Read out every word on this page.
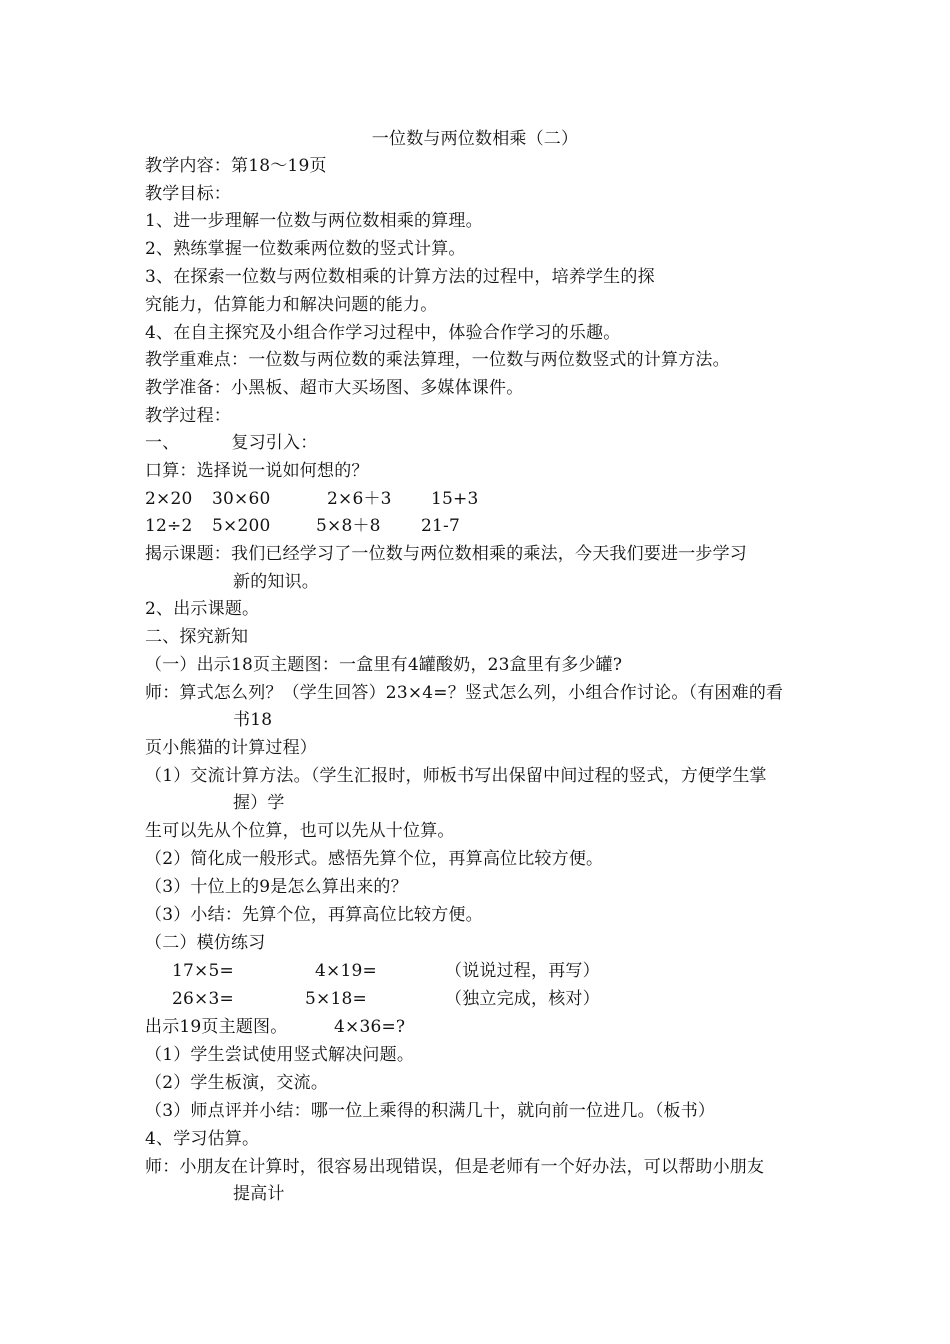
一位数与两位数相乘（二）
教学内容：第18～19页
教学目标：
1、进一步理解一位数与两位数相乘的算理。
2、熟练掌握一位数乘两位数的竖式计算。
3、在探索一位数与两位数相乘的计算方法的过程中，培养学生的探
究能力，估算能力和解决问题的能力。
4、在自主探究及小组合作学习过程中，体验合作学习的乐趣。
教学重难点：一位数与两位数的乘法算理，一位数与两位数竖式的计算方法。
教学准备：小黑板、超市大买场图、多媒体课件。
教学过程：
一、	复习引入：
口算：选择说一说如何想的？
2×20 30×60	2×6＋3 15+3
12÷2 5×200	5×8＋8 21-7
揭示课题：我们已经学习了一位数与两位数相乘的乘法，今天我们要进一步学习
新的知识。
2、出示课题。
二、探究新知
（一）出示18页主题图：一盒里有4罐酸奶，23盒里有多少罐?
师：算式怎么列？（学生回答）23×4=？竖式怎么列，小组合作讨论。（有困难的看
书18
页小熊猫的计算过程）
（1）交流计算方法。（学生汇报时，师板书写出保留中间过程的竖式，方便学生掌
握）学
生可以先从个位算，也可以先从十位算。
（2）简化成一般形式。感悟先算个位，再算高位比较方便。
（3）十位上的9是怎么算出来的？
（3）小结：先算个位，再算高位比较方便。
（二）模仿练习
17×5=	4×19=	（说说过程，再写）
26×3=	5×18=	（独立完成，核对）
出示19页主题图。	4×36=?
（1）学生尝试使用竖式解决问题。
（2）学生板演，交流。
（3）师点评并小结：哪一位上乘得的积满几十，就向前一位进几。（板书）
4、学习估算。
师：小朋友在计算时，很容易出现错误，但是老师有一个好办法，可以帮助小朋友
提高计
